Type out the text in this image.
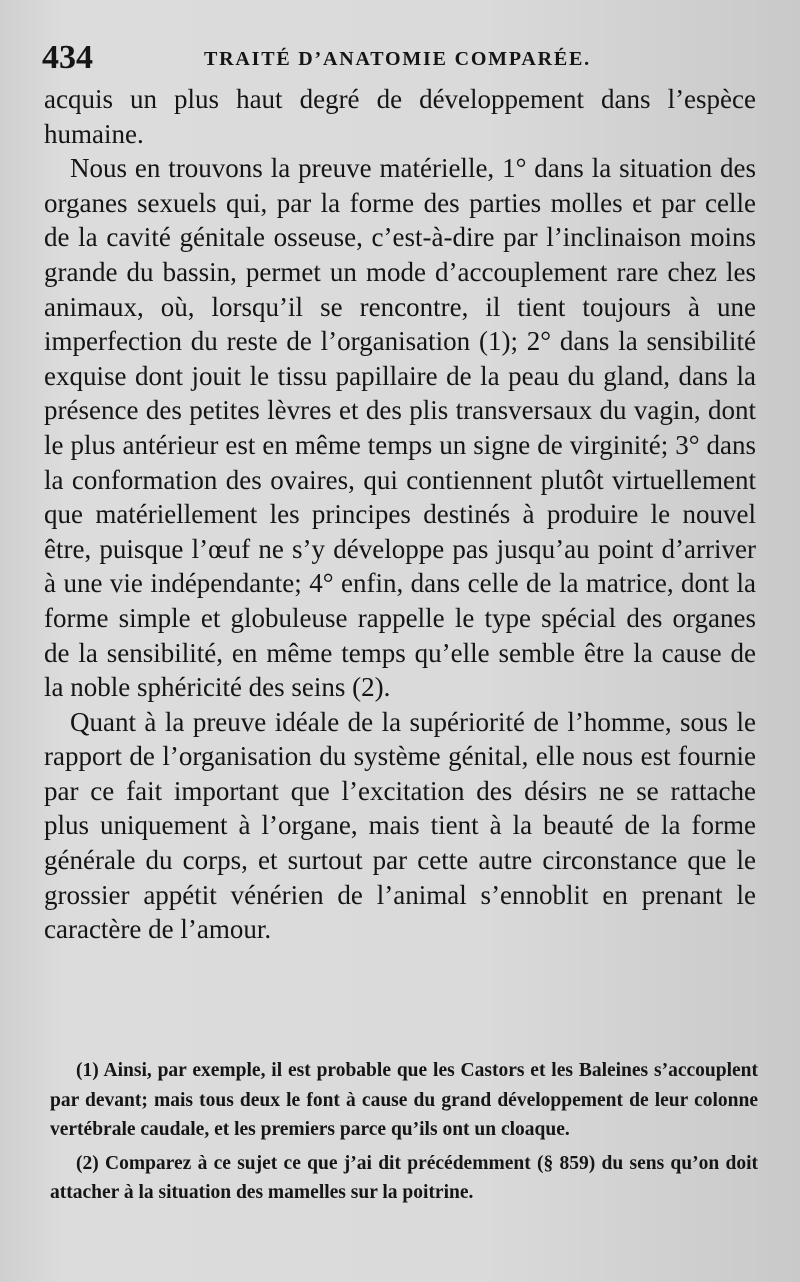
434	TRAITÉ D’ANATOMIE COMPARÉE.

acquis un plus haut degré de développement dans l’espèce humaine.

Nous en trouvons la preuve matérielle, 1° dans la situation des organes sexuels qui, par la forme des parties molles et par celle de la cavité génitale osseuse, c’est-à-dire par l’inclinaison moins grande du bassin, permet un mode d’accouplement rare chez les animaux, où, lorsqu’il se rencontre, il tient toujours à une imperfection du reste de l’organisation (1); 2° dans la sensibilité exquise dont jouit le tissu papillaire de la peau du gland, dans la présence des petites lèvres et des plis transversaux du vagin, dont le plus antérieur est en même temps un signe de virginité; 3° dans la conformation des ovaires, qui contiennent plutôt virtuellement que matériellement les principes destinés à produire le nouvel être, puisque l’œuf ne s’y développe pas jusqu’au point d’arriver à une vie indépendante; 4° enfin, dans celle de la matrice, dont la forme simple et globuleuse rappelle le type spécial des organes de la sensibilité, en même temps qu’elle semble être la cause de la noble sphéricité des seins (2).

Quant à la preuve idéale de la supériorité de l’homme, sous le rapport de l’organisation du système génital, elle nous est fournie par ce fait important que l’excitation des désirs ne se rattache plus uniquement à l’organe, mais tient à la beauté de la forme générale du corps, et surtout par cette autre circonstance que le grossier appétit vénérien de l’animal s’ennoblit en prenant le caractère de l’amour.

(1) Ainsi, par exemple, il est probable que les Castors et les Baleines s’accouplent par devant; mais tous deux le font à cause du grand développement de leur colonne vertébrale caudale, et les premiers parce qu’ils ont un cloaque.

(2) Comparez à ce sujet ce que j’ai dit précédemment (§ 859) du sens qu’on doit attacher à la situation des mamelles sur la poitrine.
